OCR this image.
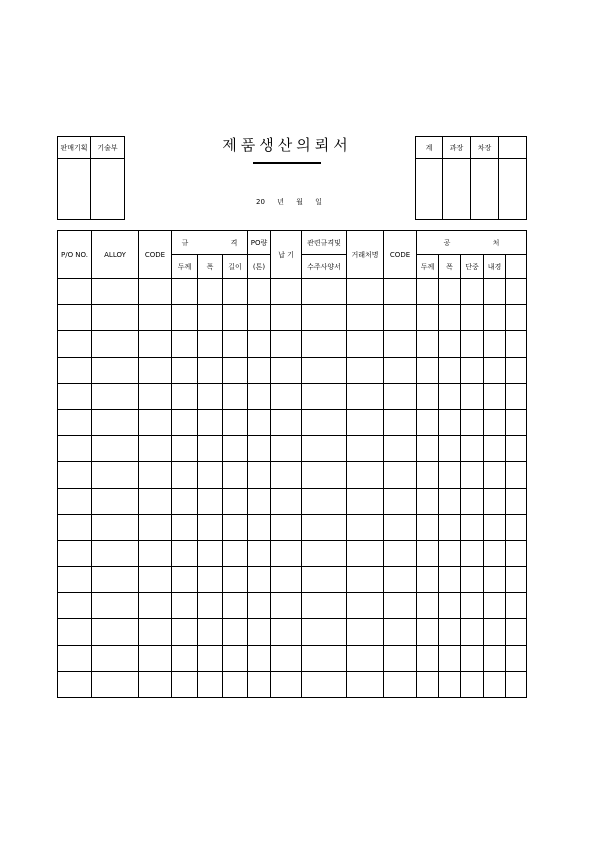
판매기획	기술부
		제품생산의뢰서
20 년 월 일
계	과장	차장	

P/O NO.	ALLOY	CODE	규 격			PO량	납 기	관련규격및	거래처명	CODE	공 처				
			두께	폭	길이	(톤)		수주사양서			두께	폭	단중	내경	
